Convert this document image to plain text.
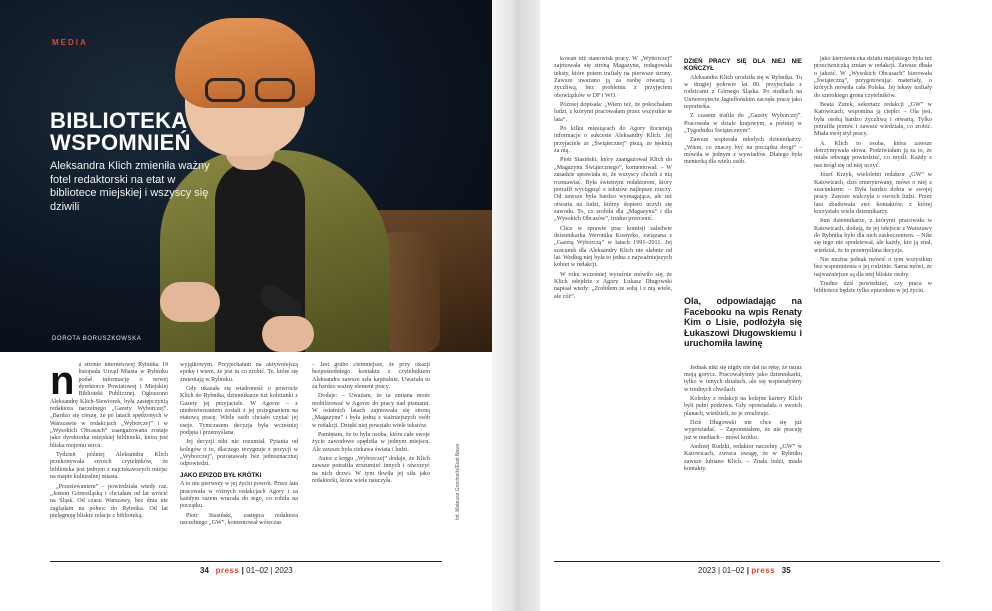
MEDIA
BIBLIOTEKA
WSPOMNIEŃ

Aleksandra Klich zmieniła ważny fotel redaktorski na etat w bibliotece miejskiej i wszyscy się dziwili

DOROTA BORUSZKOWSKA
n a stronie internetowej Rybnika 19 listopada Urząd Miasta w Rybniku podał informację o nowej dyrektorce Powiatowej i Miejskiej Biblioteki Publicznej. Ogłoszono Aleksandrę Klich-Siewiorek, była zastępczynią redaktora naczelnego „Gazety Wyborczej”. „Bardzo się cieszę, że po latach spędzonych w Warszawie w redakcjach „Wyborczej” i w „Wysokich Obcasach” zaangażowana zostaje jako dyrektorka miejskiej biblioteki, która jest bliska mojemu sercu.

Tydzień później Aleksandra Klich przekonywała swoich czytelników, że biblioteka jest jednym z najciekawszych miejsc na mapie kulturalnej miasta.

„Przesiewaniem” – powiedziała wtedy raz. „Jestem Górnośląską i chciałam od lat wrócić na Śląsk. Od czasu Warszawy, bez dnia nie zaglądam na północ do Rybnika. Od lat pielęgnuję bliskie relacje z biblioteką.

wyjątkowym. Przyjechałam na aktywniejszą epokę i wiem, że jest tu co zrobić. Te, które się zmieniają w Rybniku.

Gdy ukazała się wiadomość o powrocie Klich do Rybnika, dziennikarze tuż koleżanki z Gazety jej przyjaciele. W Agorze – z niedowierzaniem zostali z jej pożegnaniem na etatową pracę. Wiele osób chciało czytać jej eseje. Tymczasem decyzja była wcześniej podjęta i przemyślana.

Jej decyzji nikt nie rozumiał. Pytania od kolegów o to, dlaczego rezygnuje z pozycji w „Wyborczej”, pozostawały bez jednoznacznej odpowiedzi.

JAKO EPIZOD BYŁ KRÓTKI

A to nie pierwszy w jej życiu powrót. Przez lata pracowała w różnych redakcjach Agory i za każdym razem wracała do tego, co robiła na początku.

Piotr Stasiński, zastępca redaktora naczelnego „GW”, komentował wówczas

– Jest grubo ciemniejsze, że przy okazji bezpośredniego kontaktu z czytelnikiem Aleksandra zawsze szła kapitalnie. Uważała to za bardzo ważny element pracy.

Dodaje: – Uważam, że ta zmiana może mobilizować w Agorze do pracy nad pismami. W ostatnich latach zajmowała się stroną „Magazynu” i była jedną z ważniejszych osób w redakcji. Dzięki niej powstało wiele tekstów.

Pamiętam, że to była osoba, która całe swoje życie zawodowe spędziła w jednym miejscu. Ale zawsze była ciekawa świata i ludzi.

Autor z kręgu „Wyborczej” dodaje, że Klich zawsze potrafiła zrozumieć innych i otworzyć na nich drzwi. W tym tkwiła jej siła jako redaktorki, która wiele nauczyła.	fot. Mateusz Grochocki/East News
34 press | 01–02 | 2023

kowań niż stanowisk pracy. W „Wyborczej” zajmowała się stroną Magazynu, redagowała teksty, które potem trafiały na pierwsze strony. Zawsze uważano ją za osobę otwartą i życzliwą, bez problemu z przyjęciem obowiązków w DF i WO.

Później dopisała: „Wiem też, że pokochałam ludzi, z którymi pracowałam przez wszystkie te lata”.

Po kilku miesiącach do Agory docierają informacje o sukcesie Aleksandry Klich. Jej przyjaciele ze „Świątecznej” piszą, że tęsknią za nią.

Piotr Stasiński, który zaangażował Klich do „Magazynu Świątecznego”, komentował: – W zasadzie sprawiała to, że wszyscy chcieli z nią rozmawiać. Była świetnym redaktorem, który potrafił wyciągnąć z tekstów najlepsze rzeczy. Od zawsze była bardzo wymagająca, ale też otwarta na ludzi, którzy dopiero uczyli się zawodu. To, co zrobiła dla „Magazynu” i dla „Wysokich Obcasów”, trudno przecenić.

Chce w sprawie prac komisji zaledwie dziennikarka Weronika Kostyrko, związana z „Gazetą Wyborczą” w latach 1991–2011. Jej szacunek dla Aleksandry Klich nie słabnie od lat. Według niej była to jedna z najważniejszych kobiet w redakcji.

W roku wcześniej wyraźnie mówiło się, że Klich odejdzie z Agory. Łukasz Długowski napisał wtedy: „Zrobiłem ze sobą i z nią wiele, ale cóż”.

DZIEŃ PRACY SIĘ DLA NIEJ NIE KOŃCZYŁ

Aleksandra Klich urodziła się w Rybniku. Tu w drugiej połowie lat 80. przyjechała z rodzicami z Górnego Śląska. Po studiach na Uniwersytecie Jagiellońskim zaczęła pracę jako reporterka.

Z czasem trafiła do „Gazety Wyborczej”. Pracowała w dziale krajowym, a później w „Tygodniku Świątecznym”.

Zawsze wspierała młodych dziennikarzy. „Wiem, co znaczy być na początku drogi” – mówiła w jednym z wywiadów. Dlatego była mentorką dla wielu osób.

Ola, odpowiadając na Facebooku na wpis Renaty Kim o Lisie, podłożyła się Łukaszowi Długowskiemu i uruchomiła lawinę

Jednak nikt się nigdy nie dał na rękę, że naraz moją gorycz. Pracowałyśmy jako dziennikarki, tylko w innych działach, ale się wspierałyśmy w trudnych chwilach.

Koledzy z redakcji na kolejne kariery Klich byli pełni podziwu. Gdy opowiadała o swoich planach, wiedzieli, że je zrealizuje.

Dziś Długowski nie chce się już wypowiadać. – Zapomniałem, że nie pracuję już w mediach – mówi krótko.

Andrzej Rudzki, redaktor naczelny „GW” w Katowicach, zwraca uwagę, że w Rybniku zawsze lubiano Klich. – Znała ludzi, miała kontakty.

jako kierowniczka działu miejskiego była też przeciwniczką zmian w redakcji. Zawsze dbała o jakość. W „Wysokich Obcasach” kierowała „Świąteczną”, przygotowując materiały, o których mówiła cała Polska. Jej teksty trafiały do szerokiego grona czytelników.

Beata Zurek, sekretarz redakcji „GW” w Katowicach, wspomina ją ciepło: – Ola jest, była osobą bardzo życzliwą i otwartą. Tylko potrafiła pomóc i zawsze wiedziała, co zrobić. Miała swój styl pracy.

A. Klich to osoba, która zawsze dotrzymywała słowa. Podziwiałam ją za to, że miała odwagę powiedzieć, co myśli. Każdy z nas mógł się od niej uczyć.

Józef Krzyk, wieloletni redaktor „GW” w Katowicach, dziś emerytowany, mówi o niej z szacunkiem: – Była bardzo dobra w swojej pracy. Zawsze walczyła o swoich ludzi. Przez lata zbudowała sieć kontaktów, z której korzystało wielu dziennikarzy.

Inni dziennikarze, z którymi pracowała w Katowicach, dodają, że jej odejście z Warszawy do Rybnika było dla nich zaskoczeniem. – Nikt się tego nie spodziewał, ale każdy, kto ją znał, wiedział, że to przemyślana decyzja.

Nie można jednak mówić o tym wszystkim bez wspomnienia o jej rodzinie. Sama mówi, że najważniejsze są dla niej bliskie osoby.

Trudno dziś powiedzieć, czy praca w bibliotece będzie tylko epizodem w jej życiu.

2023 | 01–02 | press 35
